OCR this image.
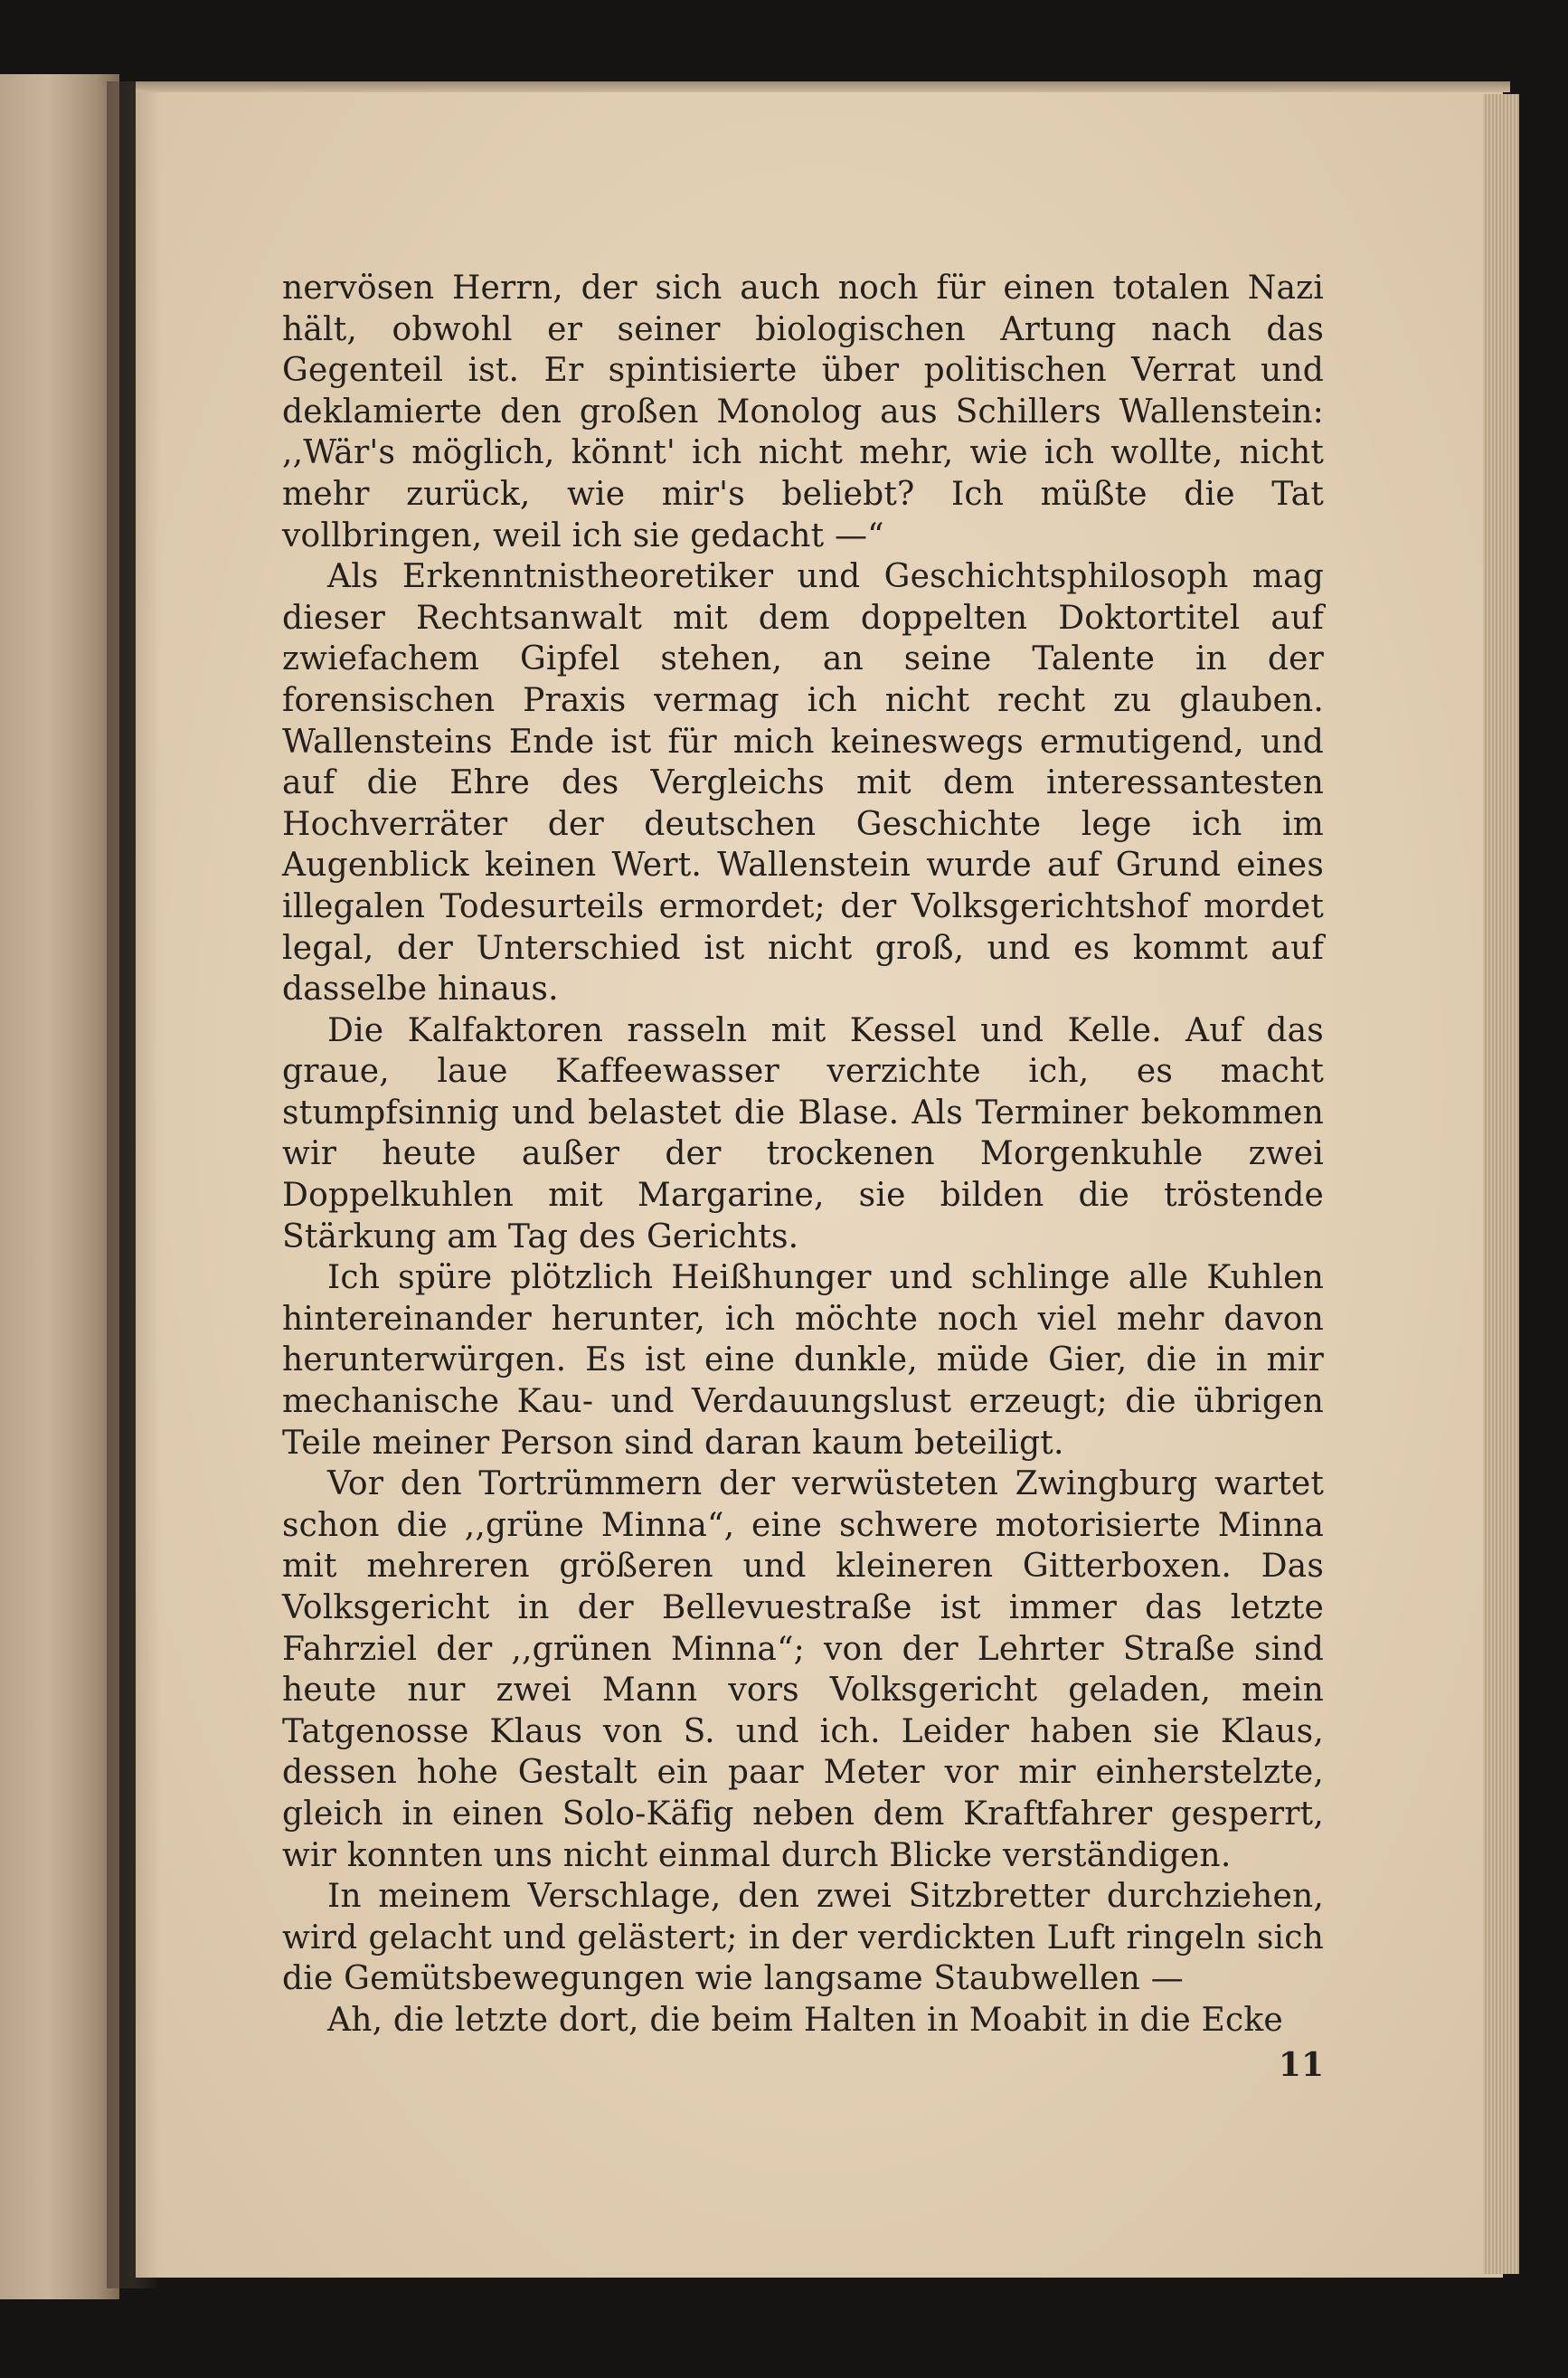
nervösen Herrn, der sich auch noch für einen totalen Nazi hält, obwohl er seiner biologischen Artung nach das Gegenteil ist. Er spintisierte über politischen Verrat und deklamierte den großen Monolog aus Schillers Wallenstein: ,,Wär's möglich, könnt' ich nicht mehr, wie ich wollte, nicht mehr zurück, wie mir's beliebt? Ich müßte die Tat vollbringen, weil ich sie gedacht —“

Als Erkenntnistheoretiker und Geschichtsphilosoph mag dieser Rechtsanwalt mit dem doppelten Doktortitel auf zwiefachem Gipfel stehen, an seine Talente in der forensischen Praxis vermag ich nicht recht zu glauben. Wallensteins Ende ist für mich keineswegs ermutigend, und auf die Ehre des Vergleichs mit dem interessantesten Hochverräter der deutschen Geschichte lege ich im Augenblick keinen Wert. Wallenstein wurde auf Grund eines illegalen Todesurteils ermordet; der Volksgerichtshof mordet legal, der Unterschied ist nicht groß, und es kommt auf dasselbe hinaus.

Die Kalfaktoren rasseln mit Kessel und Kelle. Auf das graue, laue Kaffeewasser verzichte ich, es macht stumpfsinnig und belastet die Blase. Als Terminer bekommen wir heute außer der trockenen Morgenkuhle zwei Doppelkuhlen mit Margarine, sie bilden die tröstende Stärkung am Tag des Gerichts.

Ich spüre plötzlich Heißhunger und schlinge alle Kuhlen hintereinander herunter, ich möchte noch viel mehr davon herunterwürgen. Es ist eine dunkle, müde Gier, die in mir mechanische Kau- und Verdauungslust erzeugt; die übrigen Teile meiner Person sind daran kaum beteiligt.

Vor den Tortrümmern der verwüsteten Zwingburg wartet schon die ,,grüne Minna“, eine schwere motorisierte Minna mit mehreren größeren und kleineren Gitterboxen. Das Volksgericht in der Bellevuestraße ist immer das letzte Fahrziel der ,,grünen Minna“; von der Lehrter Straße sind heute nur zwei Mann vors Volksgericht geladen, mein Tatgenosse Klaus von S. und ich. Leider haben sie Klaus, dessen hohe Gestalt ein paar Meter vor mir einherstelzte, gleich in einen Solo-Käfig neben dem Kraftfahrer gesperrt, wir konnten uns nicht einmal durch Blicke verständigen.

In meinem Verschlage, den zwei Sitzbretter durchziehen, wird gelacht und gelästert; in der verdickten Luft ringeln sich die Gemütsbewegungen wie langsame Staubwellen —

Ah, die letzte dort, die beim Halten in Moabit in die Ecke

11
